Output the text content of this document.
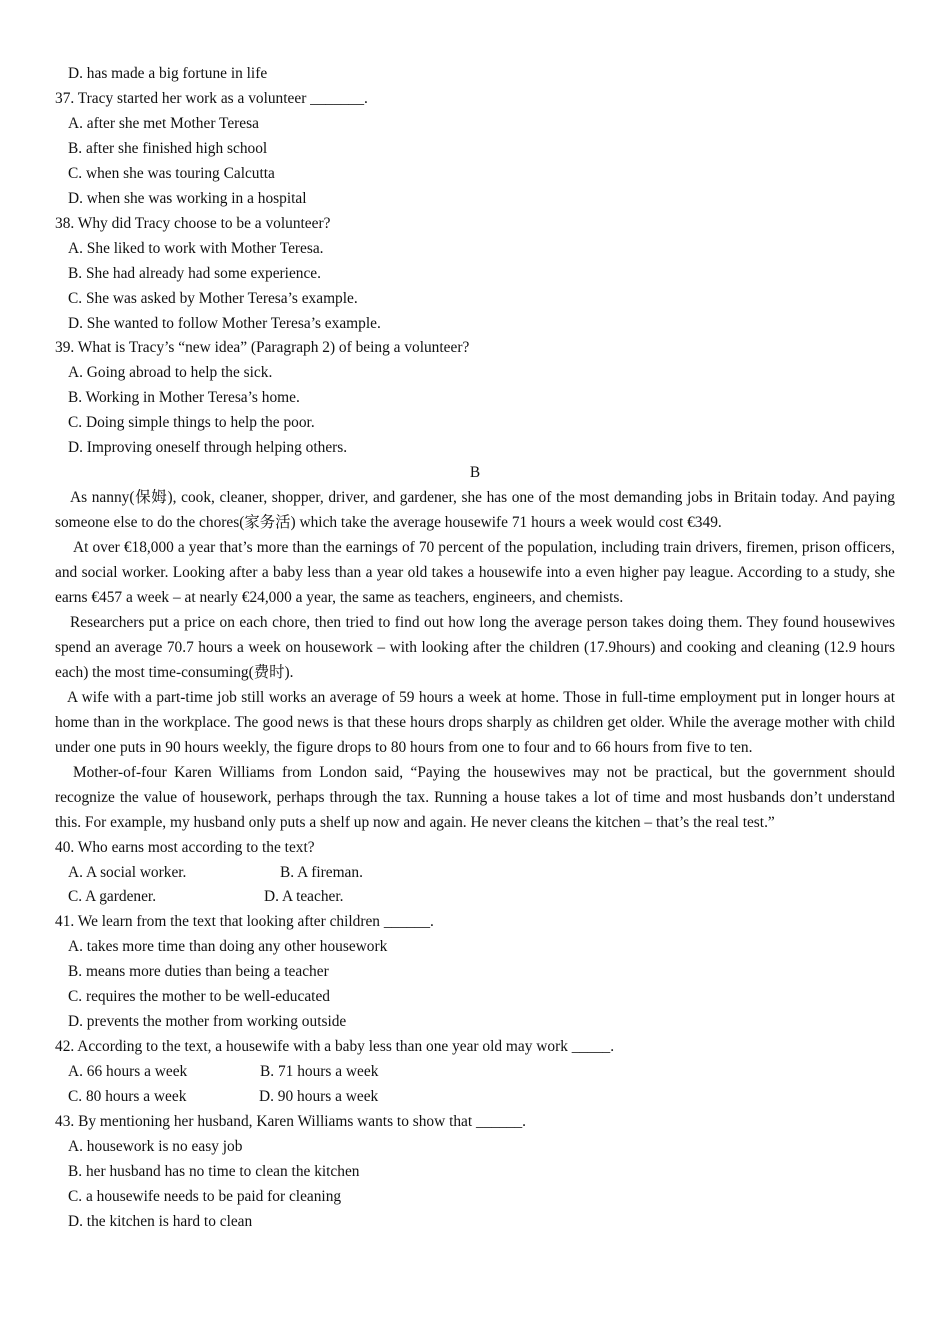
D. has made a big fortune in life
37. Tracy started her work as a volunteer _______.
A. after she met Mother Teresa
B. after she finished high school
C. when she was touring Calcutta
D. when she was working in a hospital
38. Why did Tracy choose to be a volunteer?
A. She liked to work with Mother Teresa.
B. She had already had some experience.
C. She was asked by Mother Teresa’s example.
D. She wanted to follow Mother Teresa’s example.
39. What is Tracy’s “new idea” (Paragraph 2) of being a volunteer?
A. Going abroad to help the sick.
B. Working in Mother Teresa’s home.
C. Doing simple things to help the poor.
D. Improving oneself through helping others.
B
As nanny(保姆), cook, cleaner, shopper, driver, and gardener, she has one of the most demanding jobs in Britain today. And paying someone else to do the chores(家务活) which take the average housewife 71 hours a week would cost €349.
At over €18,000 a year that’s more than the earnings of 70 percent of the population, including train drivers, firemen, prison officers, and social worker. Looking after a baby less than a year old takes a housewife into a even higher pay league. According to a study, she earns €457 a week – at nearly €24,000 a year, the same as teachers, engineers, and chemists.
Researchers put a price on each chore, then tried to find out how long the average person takes doing them. They found housewives spend an average 70.7 hours a week on housework – with looking after the children (17.9hours) and cooking and cleaning (12.9 hours each) the most time-consuming(费时).
A wife with a part-time job still works an average of 59 hours a week at home. Those in full-time employment put in longer hours at home than in the workplace. The good news is that these hours drops sharply as children get older. While the average mother with child under one puts in 90 hours weekly, the figure drops to 80 hours from one to four and to 66 hours from five to ten.
Mother-of-four Karen Williams from London said, “Paying the housewives may not be practical, but the government should recognize the value of housework, perhaps through the tax. Running a house takes a lot of time and most husbands don’t understand this. For example, my husband only puts a shelf up now and again. He never cleans the kitchen – that’s the real test.”
40. Who earns most according to the text?
A. A social worker.	B. A fireman.
C. A gardener.	D. A teacher.
41. We learn from the text that looking after children ______.
A. takes more time than doing any other housework
B. means more duties than being a teacher
C. requires the mother to be well-educated
D. prevents the mother from working outside
42. According to the text, a housewife with a baby less than one year old may work _____.
A. 66 hours a week	B. 71 hours a week
C. 80 hours a week	D. 90 hours a week
43. By mentioning her husband, Karen Williams wants to show that ______.
A. housework is no easy job
B. her husband has no time to clean the kitchen
C. a housewife needs to be paid for cleaning
D. the kitchen is hard to clean
